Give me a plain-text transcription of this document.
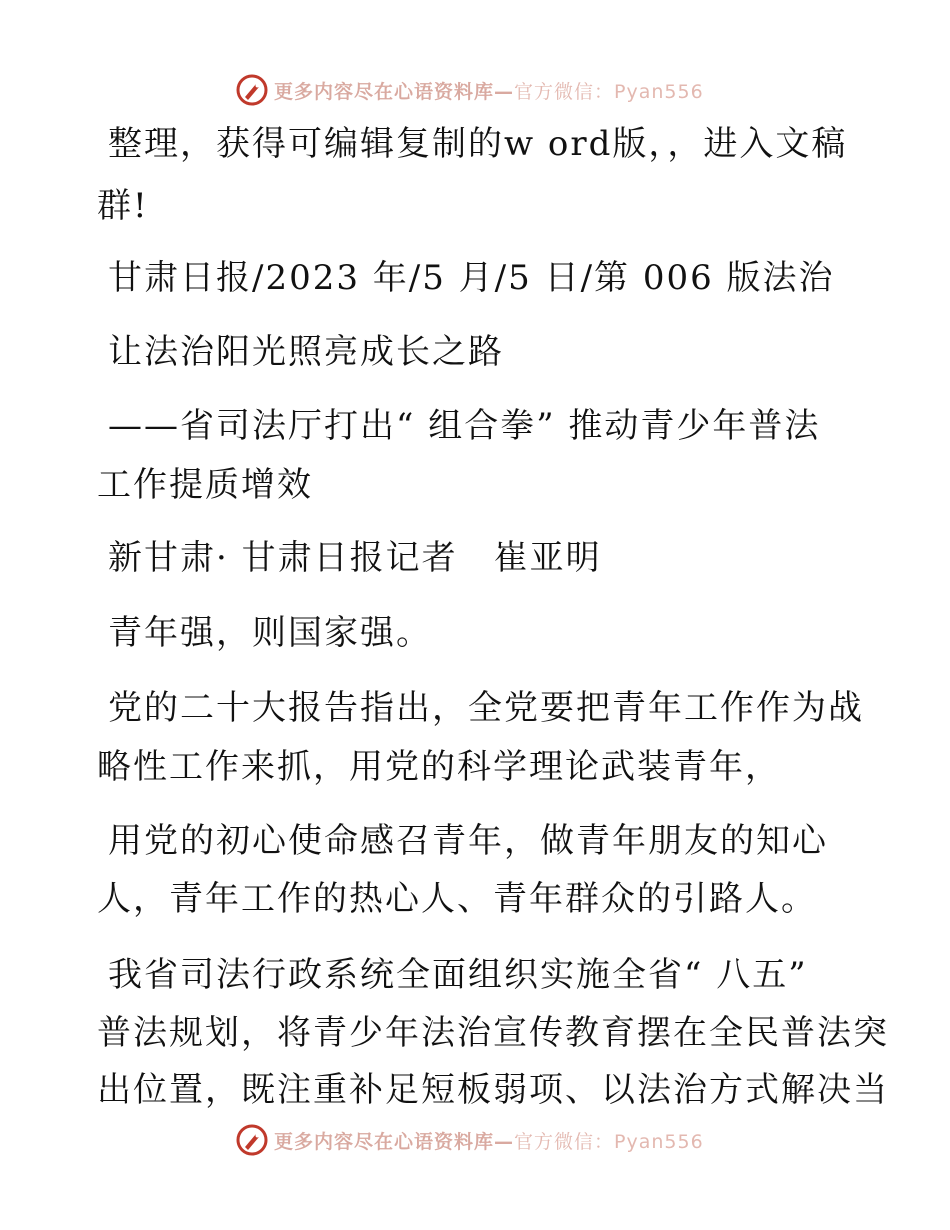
更多内容尽在心语资料库—官方微信：Pyan556
整理，获得可编辑复制的w ord版，，进入文稿
群!
甘肃日报/2023 年/5 月/5 日/第 006 版法治
让法治阳光照亮成长之路
——省司法厅打出“ 组合拳” 推动青少年普法
工作提质增效
新甘肃· 甘肃日报记者　崔亚明
青年强，则国家强。
党的二十大报告指出，全党要把青年工作作为战
略性工作来抓，用党的科学理论武装青年，
用党的初心使命感召青年，做青年朋友的知心
人，青年工作的热心人、青年群众的引路人。
我省司法行政系统全面组织实施全省“ 八五”
普法规划，将青少年法治宣传教育摆在全民普法突
出位置，既注重补足短板弱项、以法治方式解决当
更多内容尽在心语资料库—官方微信：Pyan556
